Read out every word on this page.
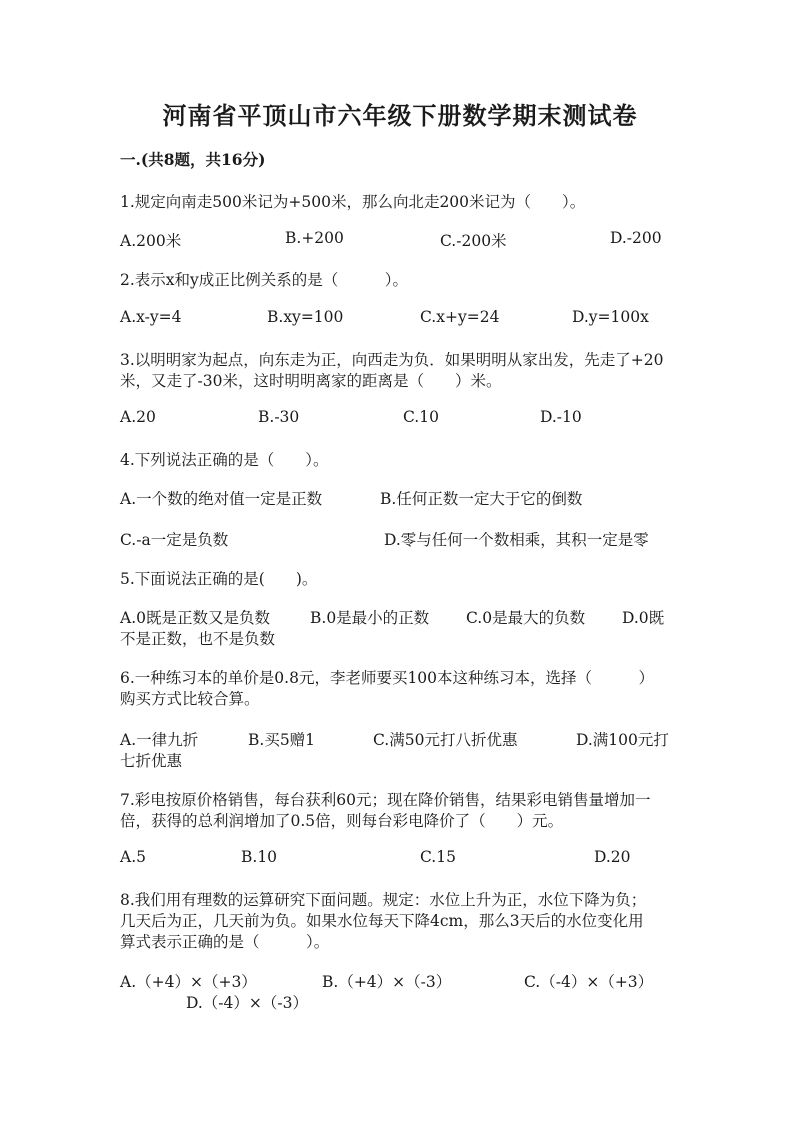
河南省平顶山市六年级下册数学期末测试卷
一.(共8题，共16分)
1.规定向南走500米记为+500米，那么向北走200米记为（　　）。
A.200米	B.+200	C.-200米	D.-200
2.表示x和y成正比例关系的是（　　　）。
A.x-y=4	B.xy=100	C.x+y=24	D.y=100x
3.以明明家为起点，向东走为正，向西走为负．如果明明从家出发，先走了+20
米，又走了-30米，这时明明离家的距离是（　　）米。
A.20	B.-30	C.10	D.-10
4.下列说法正确的是（　　）。
A.一个数的绝对值一定是正数	B.任何正数一定大于它的倒数
C.-a一定是负数	D.零与任何一个数相乘，其积一定是零
5.下面说法正确的是(　　)。
A.0既是正数又是负数	B.0是最小的正数 C.0是最大的负数 D.0既
不是正数，也不是负数
6.一种练习本的单价是0.8元，李老师要买100本这种练习本，选择（　　　）
购买方式比较合算。
A.一律九折	B.买5赠1	C.满50元打八折优惠	D.满100元打
七折优惠
7.彩电按原价格销售，每台获利60元；现在降价销售，结果彩电销售量增加一
倍，获得的总利润增加了0.5倍，则每台彩电降价了（　　）元。
A.5	B.10	C.15	D.20
8.我们用有理数的运算研究下面问题。规定：水位上升为正，水位下降为负；
几天后为正，几天前为负。如果水位每天下降4cm，那么3天后的水位变化用
算式表示正确的是（　　　）。
A.（+4）×（+3）	B.（+4）×（-3）	C.（-4）×（+3）
D.（-4）×（-3）
